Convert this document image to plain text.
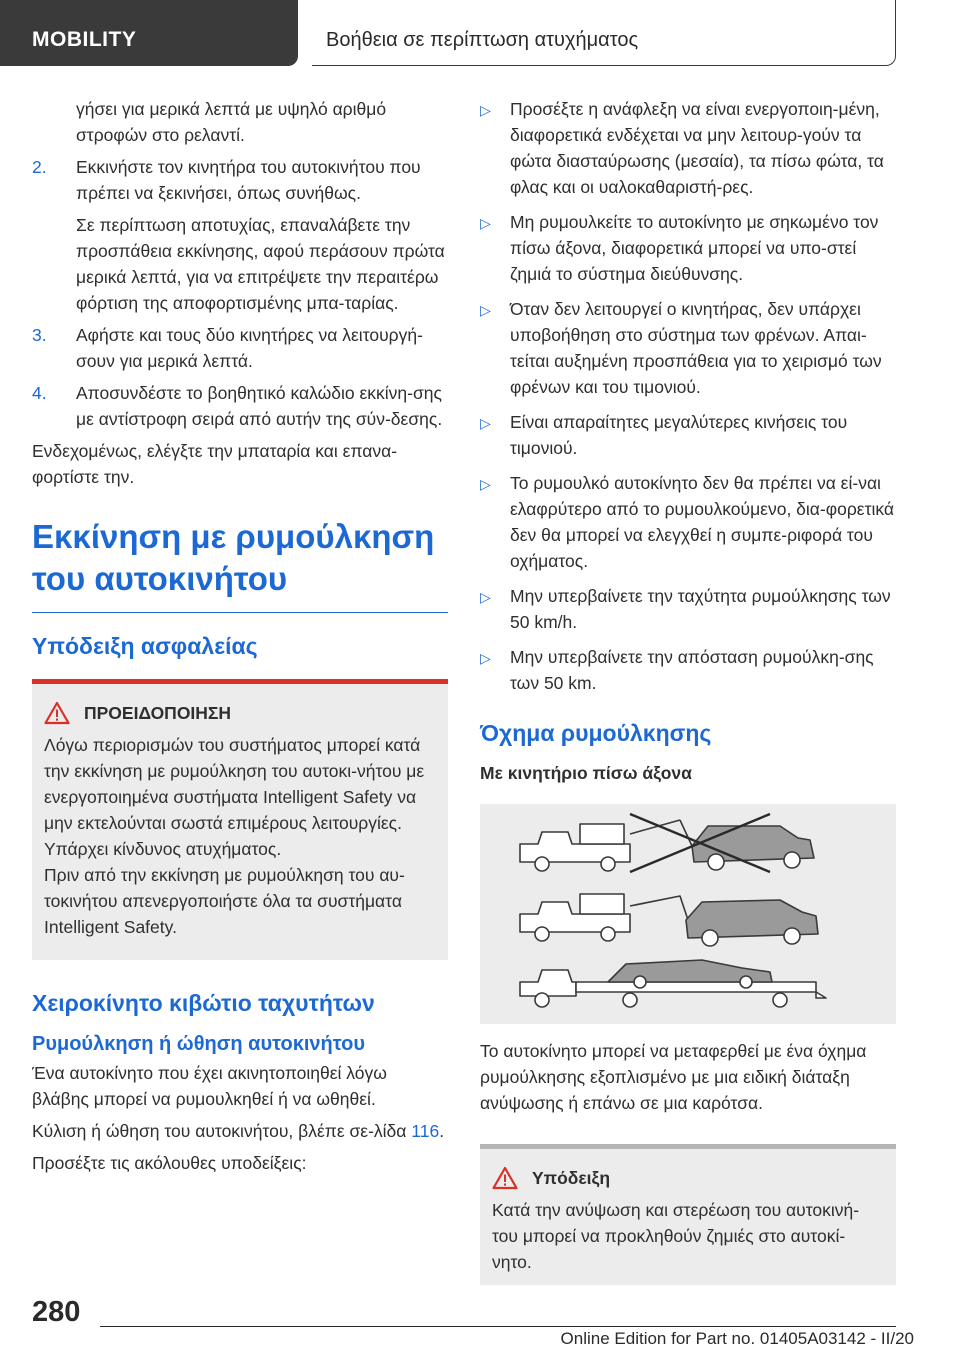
MOBILITY	Βοήθεια σε περίπτωση ατυχήματος
γήσει για μερικά λεπτά με υψηλό αριθμό στροφών στο ρελαντί.
2. Εκκινήστε τον κινητήρα του αυτοκινήτου που πρέπει να ξεκινήσει, όπως συνήθως.
Σε περίπτωση αποτυχίας, επαναλάβετε την προσπάθεια εκκίνησης, αφού περάσουν πρώτα μερικά λεπτά, για να επιτρέψετε την περαιτέρω φόρτιση της αποφορτισμένης μπα-ταρίας.
3. Αφήστε και τους δύο κινητήρες να λειτουργή-σουν για μερικά λεπτά.
4. Αποσυνδέστε το βοηθητικό καλώδιο εκκίνη-σης με αντίστροφη σειρά από αυτήν της σύν-δεσης.
Ενδεχομένως, ελέγξτε την μπαταρία και επανα-φορτίστε την.
Εκκίνηση με ρυμούλκηση του αυτοκινήτου
Υπόδειξη ασφαλείας
ΠΡΟΕΙΔΟΠΟΙΗΣΗ
Λόγω περιορισμών του συστήματος μπορεί κατά την εκκίνηση με ρυμούλκηση του αυτοκι-νήτου με ενεργοποιημένα συστήματα Intelligent Safety να μην εκτελούνται σωστά επιμέρους λειτουργίες. Υπάρχει κίνδυνος ατυχήματος.
Πριν από την εκκίνηση με ρυμούλκηση του αυ-τοκινήτου απενεργοποιήστε όλα τα συστήματα Intelligent Safety.
Χειροκίνητο κιβώτιο ταχυτήτων
Ρυμούλκηση ή ώθηση αυτοκινήτου
Ένα αυτοκίνητο που έχει ακινητοποιηθεί λόγω βλάβης μπορεί να ρυμουλκηθεί ή να ωθηθεί.
Κύλιση ή ώθηση του αυτοκινήτου, βλέπε σε-λίδα 116.
Προσέξτε τις ακόλουθες υποδείξεις:
▷ Προσέξτε η ανάφλεξη να είναι ενεργοποιη-μένη, διαφορετικά ενδέχεται να μην λειτουρ-γούν τα φώτα διασταύρωσης (μεσαία), τα πίσω φώτα, τα φλας και οι υαλοκαθαριστή-ρες.
▷ Μη ρυμουλκείτε το αυτοκίνητο με σηκωμένο τον πίσω άξονα, διαφορετικά μπορεί να υπο-στεί ζημιά το σύστημα διεύθυνσης.
▷ Όταν δεν λειτουργεί ο κινητήρας, δεν υπάρχει υποβοήθηση στο σύστημα των φρένων. Απαι-τείται αυξημένη προσπάθεια για το χειρισμό των φρένων και του τιμονιού.
▷ Είναι απαραίτητες μεγαλύτερες κινήσεις του τιμονιού.
▷ Το ρυμουλκό αυτοκίνητο δεν θα πρέπει να εί-ναι ελαφρύτερο από το ρυμουλκούμενο, δια-φορετικά δεν θα μπορεί να ελεγχθεί η συμπε-ριφορά του οχήματος.
▷ Μην υπερβαίνετε την ταχύτητα ρυμούλκησης των 50 km/h.
▷ Μην υπερβαίνετε την απόσταση ρυμούλκη-σης των 50 km.
Όχημα ρυμούλκησης
Με κινητήριο πίσω άξονα
Το αυτοκίνητο μπορεί να μεταφερθεί με ένα όχημα ρυμούλκησης εξοπλισμένο με μια ειδική διάταξη ανύψωσης ή επάνω σε μια καρότσα.
Υπόδειξη
Κατά την ανύψωση και στερέωση του αυτοκινή-του μπορεί να προκληθούν ζημιές στο αυτοκί-νητο.
280
Online Edition for Part no. 01405A03142 - II/20
